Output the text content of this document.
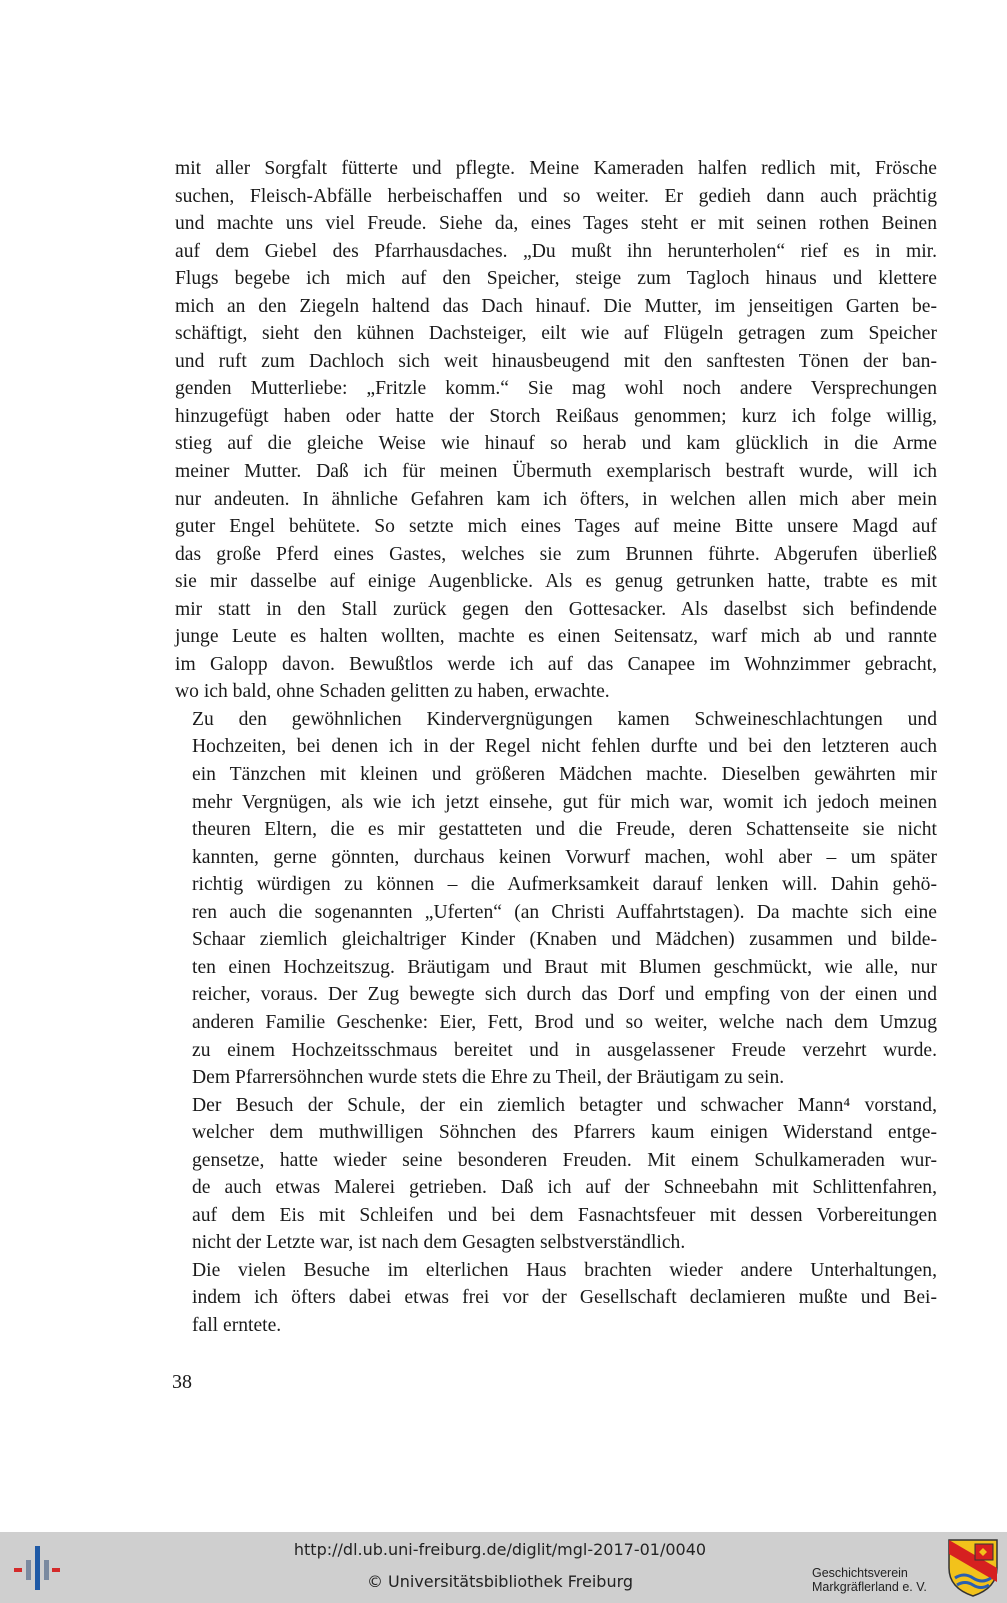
mit aller Sorgfalt fütterte und pflegte. Meine Kameraden halfen redlich mit, Frösche
suchen, Fleisch-Abfälle herbeischaffen und so weiter. Er gedieh dann auch prächtig
und machte uns viel Freude. Siehe da, eines Tages steht er mit seinen rothen Beinen
auf dem Giebel des Pfarrhausdaches. „Du mußt ihn herunterholen“ rief es in mir.
Flugs begebe ich mich auf den Speicher, steige zum Tagloch hinaus und klettere
mich an den Ziegeln haltend das Dach hinauf. Die Mutter, im jenseitigen Garten be-
schäftigt, sieht den kühnen Dachsteiger, eilt wie auf Flügeln getragen zum Speicher
und ruft zum Dachloch sich weit hinausbeugend mit den sanftesten Tönen der ban-
genden Mutterliebe: „Fritzle komm.“ Sie mag wohl noch andere Versprechungen
hinzugefügt haben oder hatte der Storch Reißaus genommen; kurz ich folge willig,
stieg auf die gleiche Weise wie hinauf so herab und kam glücklich in die Arme
meiner Mutter. Daß ich für meinen Übermuth exemplarisch bestraft wurde, will ich
nur andeuten. In ähnliche Gefahren kam ich öfters, in welchen allen mich aber mein
guter Engel behütete. So setzte mich eines Tages auf meine Bitte unsere Magd auf
das große Pferd eines Gastes, welches sie zum Brunnen führte. Abgerufen überließ
sie mir dasselbe auf einige Augenblicke. Als es genug getrunken hatte, trabte es mit
mir statt in den Stall zurück gegen den Gottesacker. Als daselbst sich befindende
junge Leute es halten wollten, machte es einen Seitensatz, warf mich ab und rannte
im Galopp davon. Bewußtlos werde ich auf das Canapee im Wohnzimmer gebracht,
wo ich bald, ohne Schaden gelitten zu haben, erwachte.

Zu den gewöhnlichen Kindervergnügungen kamen Schweineschlachtungen und
Hochzeiten, bei denen ich in der Regel nicht fehlen durfte und bei den letzteren auch
ein Tänzchen mit kleinen und größeren Mädchen machte. Dieselben gewährten mir
mehr Vergnügen, als wie ich jetzt einsehe, gut für mich war, womit ich jedoch meinen
theuren Eltern, die es mir gestatteten und die Freude, deren Schattenseite sie nicht
kannten, gerne gönnten, durchaus keinen Vorwurf machen, wohl aber – um später
richtig würdigen zu können – die Aufmerksamkeit darauf lenken will. Dahin gehö-
ren auch die sogenannten „Uferten“ (an Christi Auffahrtstagen). Da machte sich eine
Schaar ziemlich gleichaltriger Kinder (Knaben und Mädchen) zusammen und bilde-
ten einen Hochzeitszug. Bräutigam und Braut mit Blumen geschmückt, wie alle, nur
reicher, voraus. Der Zug bewegte sich durch das Dorf und empfing von der einen und
anderen Familie Geschenke: Eier, Fett, Brod und so weiter, welche nach dem Umzug
zu einem Hochzeitsschmaus bereitet und in ausgelassener Freude verzehrt wurde.
Dem Pfarrersöhnchen wurde stets die Ehre zu Theil, der Bräutigam zu sein.

Der Besuch der Schule, der ein ziemlich betagter und schwacher Mann⁴ vorstand,
welcher dem muthwilligen Söhnchen des Pfarrers kaum einigen Widerstand entge-
gensetze, hatte wieder seine besonderen Freuden. Mit einem Schulkameraden wur-
de auch etwas Malerei getrieben. Daß ich auf der Schneebahn mit Schlittenfahren,
auf dem Eis mit Schleifen und bei dem Fasnachtsfeuer mit dessen Vorbereitungen
nicht der Letzte war, ist nach dem Gesagten selbstverständlich.

Die vielen Besuche im elterlichen Haus brachten wieder andere Unterhaltungen,
indem ich öfters dabei etwas frei vor der Gesellschaft declamieren mußte und Bei-
fall erntete.

38
http://dl.ub.uni-freiburg.de/diglit/mgl-2017-01/0040
© Universitätsbibliothek Freiburg	Geschichtsverein
Markgräflerland e. V.
